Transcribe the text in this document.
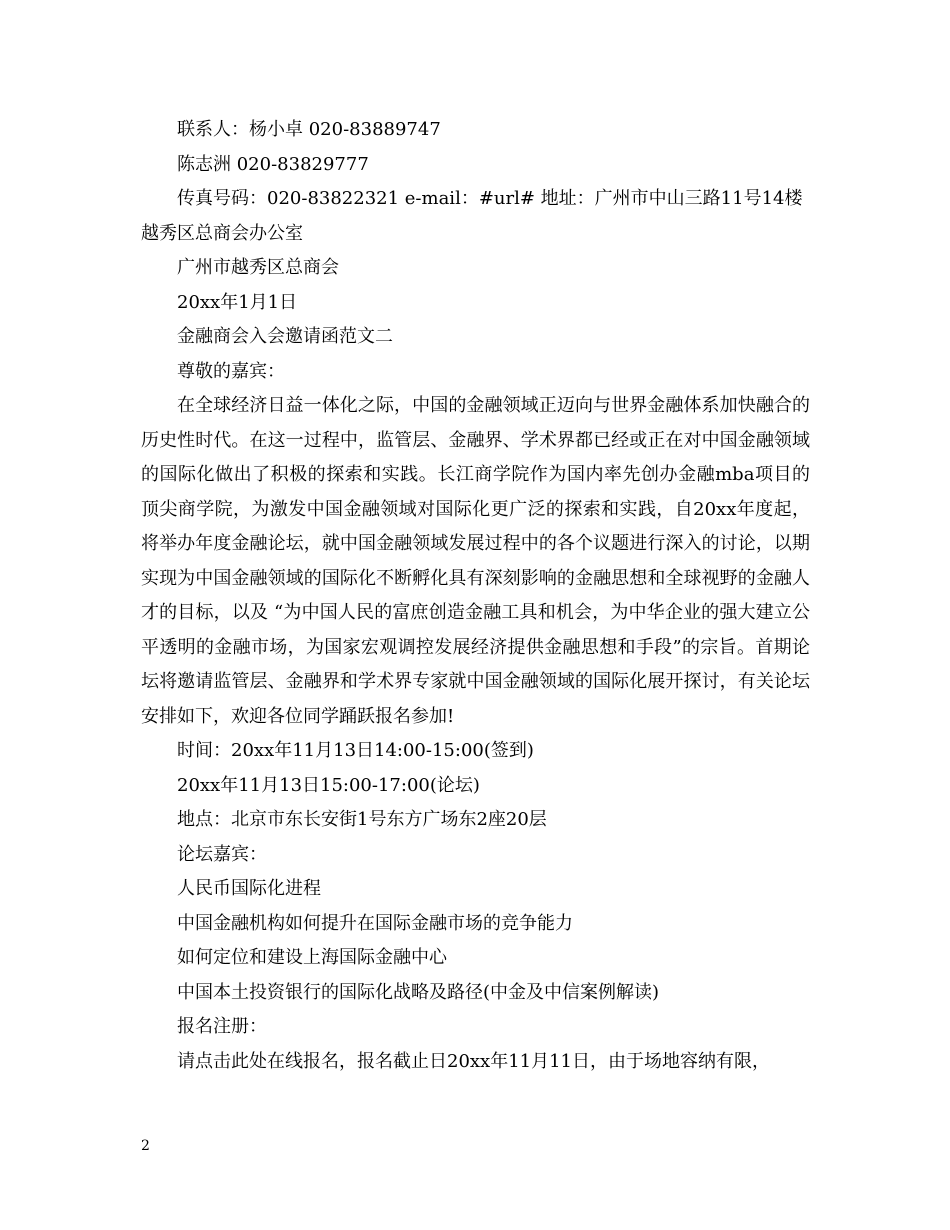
联系人：杨小卓 020-83889747
陈志洲 020-83829777
传真号码：020-83822321 e-mail：#url# 地址：广州市中山三路11号14楼
越秀区总商会办公室
广州市越秀区总商会
20xx年1月1日
金融商会入会邀请函范文二
尊敬的嘉宾：
在全球经济日益一体化之际，中国的金融领域正迈向与世界金融体系加快融合的历史性时代。在这一过程中，监管层、金融界、学术界都已经或正在对中国金融领域的国际化做出了积极的探索和实践。长江商学院作为国内率先创办金融mba项目的顶尖商学院，为激发中国金融领域对国际化更广泛的探索和实践，自20xx年度起，将举办年度金融论坛，就中国金融领域发展过程中的各个议题进行深入的讨论，以期实现为中国金融领域的国际化不断孵化具有深刻影响的金融思想和全球视野的金融人才的目标，以及 “为中国人民的富庶创造金融工具和机会，为中华企业的强大建立公平透明的金融市场，为国家宏观调控发展经济提供金融思想和手段”的宗旨。首期论坛将邀请监管层、金融界和学术界专家就中国金融领域的国际化展开探讨，有关论坛安排如下，欢迎各位同学踊跃报名参加!
时间：20xx年11月13日14:00-15:00(签到)
20xx年11月13日15:00-17:00(论坛)
地点：北京市东长安街1号东方广场东2座20层
论坛嘉宾：
人民币国际化进程
中国金融机构如何提升在国际金融市场的竞争能力
如何定位和建设上海国际金融中心
中国本土投资银行的国际化战略及路径(中金及中信案例解读)
报名注册：
请点击此处在线报名，报名截止日20xx年11月11日，由于场地容纳有限，
2
